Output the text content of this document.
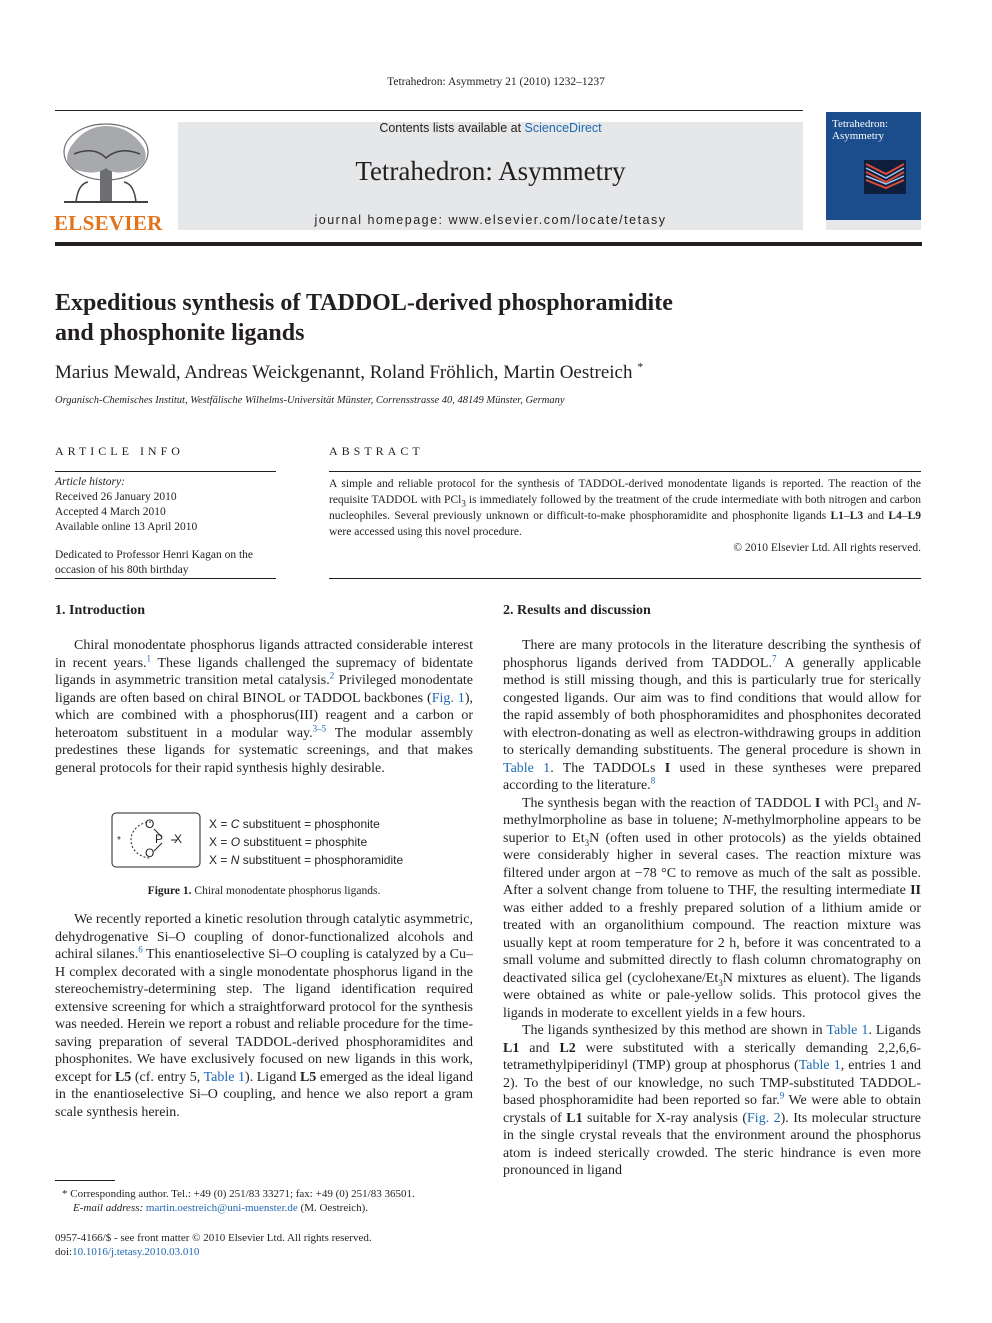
Tetrahedron: Asymmetry 21 (2010) 1232–1237
ELSEVIER
Contents lists available at ScienceDirect
Tetrahedron: Asymmetry
journal homepage: www.elsevier.com/locate/tetasy
Tetrahedron: Asymmetry
Expeditious synthesis of TADDOL-derived phosphoramidite
and phosphonite ligands
Marius Mewald, Andreas Weickgenannt, Roland Fröhlich, Martin Oestreich *
Organisch-Chemisches Institut, Westfälische Wilhelms-Universität Münster, Corrensstrasse 40, 48149 Münster, Germany
ARTICLE INFO
Article history:
Received 26 January 2010
Accepted 4 March 2010
Available online 13 April 2010
Dedicated to Professor Henri Kagan on the
occasion of his 80th birthday
ABSTRACT
A simple and reliable protocol for the synthesis of TADDOL-derived monodentate ligands is reported. The reaction of the requisite TADDOL with PCl$_3$ is immediately followed by the treatment of the crude intermediate with both nitrogen and carbon nucleophiles. Several previously unknown or difficult-to-make phosphoramidite and phosphonite ligands L1–L3 and L4–L9 were accessed using this novel procedure.
© 2010 Elsevier Ltd. All rights reserved.
1. Introduction

Chiral monodentate phosphorus ligands attracted considerable interest in recent years.$^1$ These ligands challenged the supremacy of bidentate ligands in asymmetric transition metal catalysis.$^2$ Privileged monodentate ligands are often based on chiral BINOL or TADDOL backbones (Fig. 1), which are combined with a phosphorus(III) reagent and a carbon or heteroatom substituent in a modular way.$^{3-5}$ The modular assembly predestines these ligands for systematic screenings, and that makes general protocols for their rapid synthesis highly desirable.

O
O
P X
*
X = C substituent = phosphonite
X = O substituent = phosphite
X = N substituent = phosphoramidite
Figure 1. Chiral monodentate phosphorus ligands.

We recently reported a kinetic resolution through catalytic asymmetric, dehydrogenative Si–O coupling of donor-functionalized alcohols and achiral silanes.$^6$ This enantioselective Si–O coupling is catalyzed by a Cu–H complex decorated with a single monodentate phosphorus ligand in the stereochemistry-determining step. The ligand identification required extensive screening for which a straightforward protocol for the synthesis was needed. Herein we report a robust and reliable procedure for the time-saving preparation of several TADDOL-derived phosphoramidites and phosphonites. We have exclusively focused on new ligands in this work, except for L5 (cf. entry 5, Table 1). Ligand L5 emerged as the ideal ligand in the enantioselective Si–O coupling, and hence we also report a gram scale synthesis herein.

* Corresponding author. Tel.: +49 (0) 251/83 33271; fax: +49 (0) 251/83 36501.
E-mail address: martin.oestreich@uni-muenster.de (M. Oestreich).
0957-4166/$ - see front matter © 2010 Elsevier Ltd. All rights reserved.
doi:10.1016/j.tetasy.2010.03.010
2. Results and discussion

There are many protocols in the literature describing the synthesis of phosphorus ligands derived from TADDOL.$^7$ A generally applicable method is still missing though, and this is particularly true for sterically congested ligands. Our aim was to find conditions that would allow for the rapid assembly of both phosphoramidites and phosphonites decorated with electron-donating as well as electron-withdrawing groups in addition to sterically demanding substituents. The general procedure is shown in Table 1. The TADDOLs I used in these syntheses were prepared according to the literature.$^8$

The synthesis began with the reaction of TADDOL I with PCl$_3$ and N-methylmorpholine as base in toluene; N-methylmorpholine appears to be superior to $Et_3N$ (often used in other protocols) as the yields obtained were considerably higher in several cases. The reaction mixture was filtered under argon at −78 °C to remove as much of the salt as possible. After a solvent change from toluene to THF, the resulting intermediate II was either added to a freshly prepared solution of a lithium amide or treated with an organolithium compound. The reaction mixture was usually kept at room temperature for 2 h, before it was concentrated to a small volume and submitted directly to flash column chromatography on deactivated silica gel ($cyclohexane/Et_3N$ mixtures as eluent). The ligands were obtained as white or pale-yellow solids. This protocol gives the ligands in moderate to excellent yields in a few hours.

The ligands synthesized by this method are shown in Table 1. Ligands L1 and L2 were substituted with a sterically demanding 2,2,6,6-tetramethylpiperidinyl (TMP) group at phosphorus (Table 1, entries 1 and 2). To the best of our knowledge, no such TMP-substituted TADDOL-based phosphoramidite had been reported so far.$^9$ We were able to obtain crystals of L1 suitable for X-ray analysis (Fig. 2). Its molecular structure in the single crystal reveals that the environment around the phosphorus atom is indeed sterically crowded. The steric hindrance is even more pronounced in ligand
